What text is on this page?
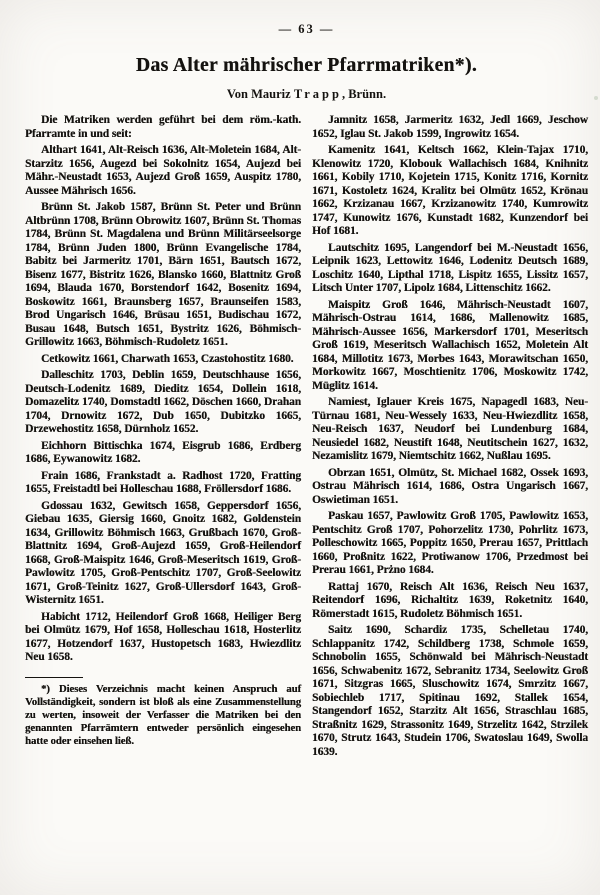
— 63 —

Das Alter mährischer Pfarrmatriken*).

Von Mauriz Trapp, Brünn.

Die Matriken werden geführt bei dem röm.-kath. Pfarramte in und seit:

Althart 1641, Alt-Reisch 1636, Alt-Moletein 1684, Alt-Starzitz 1656, Augezd bei Sokolnitz 1654, Aujezd bei Mähr.-Neustadt 1653, Aujezd Groß 1659, Auspitz 1780, Aussee Mährisch 1656.

Brünn St. Jakob 1587, Brünn St. Peter und Brünn Altbrünn 1708, Brünn Obrowitz 1607, Brünn St. Thomas 1784, Brünn St. Magdalena und Brünn Militärseelsorge 1784, Brünn Juden 1800, Brünn Evangelische 1784, Babitz bei Jarmeritz 1701, Bärn 1651, Bautsch 1672, Bisenz 1677, Bistritz 1626, Blansko 1660, Blattnitz Groß 1694, Blauda 1670, Borstendorf 1642, Bosenitz 1694, Boskowitz 1661, Braunsberg 1657, Braunseifen 1583, Brod Ungarisch 1646, Brüsau 1651, Budischau 1672, Busau 1648, Butsch 1651, Bystritz 1626, Böhmisch-Grillowitz 1663, Böhmisch-Rudoletz 1651.

Cetkowitz 1661, Charwath 1653, Czastohostitz 1680.

Dalleschitz 1703, Deblin 1659, Deutschhause 1656, Deutsch-Lodenitz 1689, Dieditz 1654, Dollein 1618, Domazelitz 1740, Domstadtl 1662, Döschen 1660, Drahan 1704, Drnowitz 1672, Dub 1650, Dubitzko 1665, Drzewehostitz 1658, Dürnholz 1652.

Eichhorn Bittischka 1674, Eisgrub 1686, Erdberg 1686, Eywanowitz 1682.

Frain 1686, Frankstadt a. Radhost 1720, Fratting 1655, Freistadtl bei Holleschau 1688, Fröllersdorf 1686.

Gdossau 1632, Gewitsch 1658, Geppersdorf 1656, Giebau 1635, Giersig 1660, Gnoitz 1682, Goldenstein 1634, Grillowitz Böhmisch 1663, Grußbach 1670, Groß-Blattnitz 1694, Groß-Aujezd 1659, Groß-Heilendorf 1668, Groß-Maispitz 1646, Groß-Meseritsch 1619, Groß-Pawlowitz 1705, Groß-Pentschitz 1707, Groß-Seelowitz 1671, Groß-Teinitz 1627, Groß-Ullersdorf 1643, Groß-Wisternitz 1651.

Habicht 1712, Heilendorf Groß 1668, Heiliger Berg bei Olmütz 1679, Hof 1658, Holleschau 1618, Hosterlitz 1677, Hotzendorf 1637, Hustopetsch 1683, Hwiezdlitz Neu 1658.

*) Dieses Verzeichnis macht keinen Anspruch auf Vollständigkeit, sondern ist bloß als eine Zusammenstellung zu werten, insoweit der Verfasser die Matriken bei den genannten Pfarrämtern entweder persönlich eingesehen hatte oder einsehen ließ.

Jamnitz 1658, Jarmeritz 1632, Jedl 1669, Jeschow 1652, Iglau St. Jakob 1599, Ingrowitz 1654.

Kamenitz 1641, Keltsch 1662, Klein-Tajax 1710, Klenowitz 1720, Klobouk Wallachisch 1684, Knihnitz 1661, Kobily 1710, Kojetein 1715, Konitz 1716, Kornitz 1671, Kostoletz 1624, Kralitz bei Olmütz 1652, Krönau 1662, Krzizanau 1667, Krzizanowitz 1740, Kumrowitz 1747, Kunowitz 1676, Kunstadt 1682, Kunzendorf bei Hof 1681.

Lautschitz 1695, Langendorf bei M.-Neustadt 1656, Leipnik 1623, Lettowitz 1646, Lodenitz Deutsch 1689, Loschitz 1640, Lipthal 1718, Lispitz 1655, Lissitz 1657, Litsch Unter 1707, Lipolz 1684, Littenschitz 1662.

Maispitz Groß 1646, Mährisch-Neustadt 1607, Mährisch-Ostrau 1614, 1686, Mallenowitz 1685, Mährisch-Aussee 1656, Markersdorf 1701, Meseritsch Groß 1619, Meseritsch Wallachisch 1652, Moletein Alt 1684, Millotitz 1673, Morbes 1643, Morawitschan 1650, Morkowitz 1667, Moschtienitz 1706, Moskowitz 1742, Müglitz 1614.

Namiest, Iglauer Kreis 1675, Napagedl 1683, Neu-Türnau 1681, Neu-Wessely 1633, Neu-Hwiezdlitz 1658, Neu-Reisch 1637, Neudorf bei Lundenburg 1684, Neusiedel 1682, Neustift 1648, Neutitschein 1627, 1632, Nezamislitz 1679, Niemtschitz 1662, Nußlau 1695.

Obrzan 1651, Olmütz, St. Michael 1682, Ossek 1693, Ostrau Mährisch 1614, 1686, Ostra Ungarisch 1667, Oswietiman 1651.

Paskau 1657, Pawlowitz Groß 1705, Pawlowitz 1653, Pentschitz Groß 1707, Pohorzelitz 1730, Pohrlitz 1673, Polleschowitz 1665, Poppitz 1650, Prerau 1657, Prittlach 1660, Proßnitz 1622, Protiwanow 1706, Przedmost bei Prerau 1661, Prżno 1684.

Rattaj 1670, Reisch Alt 1636, Reisch Neu 1637, Reitendorf 1696, Richaltitz 1639, Roketnitz 1640, Römerstadt 1615, Rudoletz Böhmisch 1651.

Saitz 1690, Schardiz 1735, Schelletau 1740, Schlappanitz 1742, Schildberg 1738, Schmole 1659, Schnobolin 1655, Schönwald bei Mährisch-Neustadt 1656, Schwabenitz 1672, Sebranitz 1734, Seelowitz Groß 1671, Sitzgras 1665, Sluschowitz 1674, Smrzitz 1667, Sobiechleb 1717, Spitinau 1692, Stallek 1654, Stangendorf 1652, Starzitz Alt 1656, Straschlau 1685, Straßnitz 1629, Strassonitz 1649, Strzelitz 1642, Strzilek 1670, Strutz 1643, Studein 1706, Swatoslau 1649, Swolla 1639.
